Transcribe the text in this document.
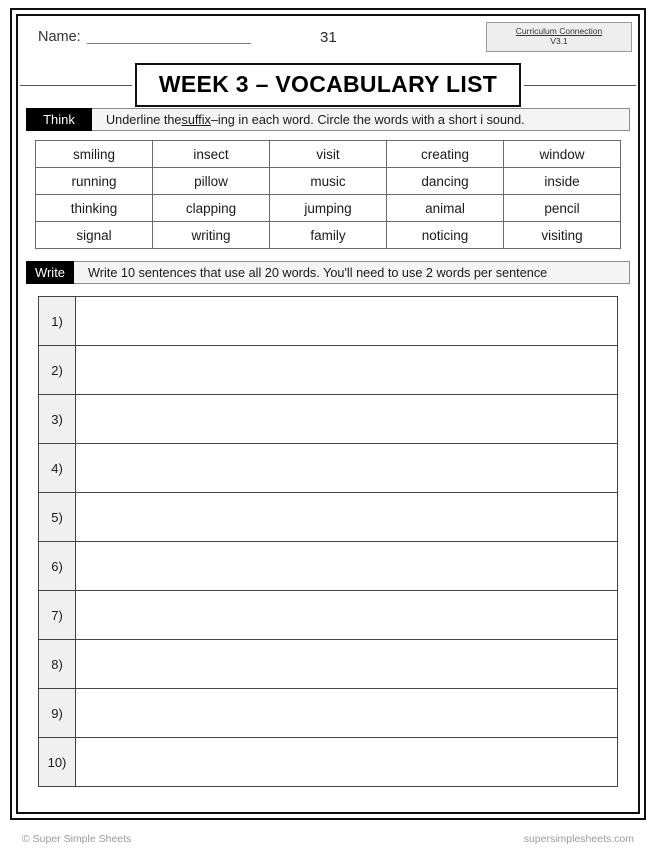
Name:	31	Curriculum Connection
V3.1
WEEK 3 – VOCABULARY LIST
Think	Underline the suffix –ing in each word. Circle the words with a short i sound.
smiling	insect	visit	creating	window
running	pillow	music	dancing	inside
thinking	clapping	jumping	animal	pencil
signal	writing	family	noticing	visiting
Write	Write 10 sentences that use all 20 words. You'll need to use 2 words per sentence
1)	
2)	
3)	
4)	
5)	
6)	
7)	
8)	
9)	
10)	
© Super Simple Sheets	supersimplesheets.com
